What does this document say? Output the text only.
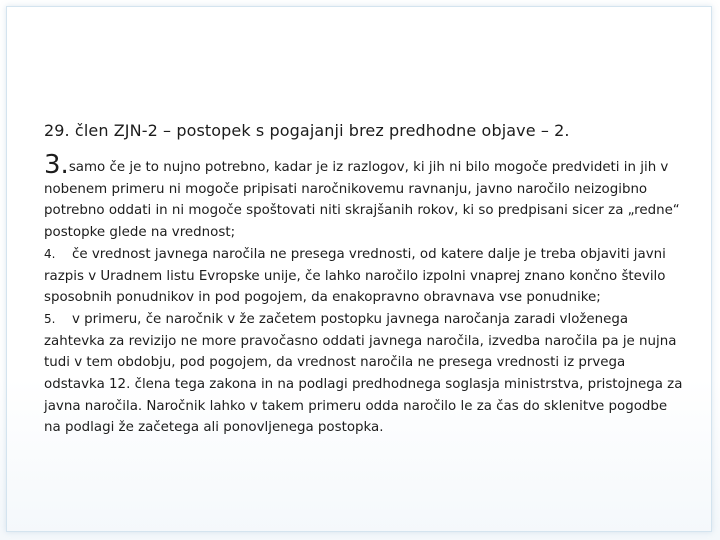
29. člen ZJN-2 – postopek s pogajanji brez predhodne objave – 2.

3.samo če je to nujno potrebno, kadar je iz razlogov, ki jih ni bilo mogoče predvideti in jih v nobenem primeru ni mogoče pripisati naročnikovemu ravnanju, javno naročilo neizogibno potrebno oddati in ni mogoče spoštovati niti skrajšanih rokov, ki so predpisani sicer za „redne“ postopke glede na vrednost;

4. če vrednost javnega naročila ne presega vrednosti, od katere dalje je treba objaviti javni razpis v Uradnem listu Evropske unije, če lahko naročilo izpolni vnaprej znano končno število sposobnih ponudnikov in pod pogojem, da enakopravno obravnava vse ponudnike;

5. v primeru, če naročnik v že začetem postopku javnega naročanja zaradi vloženega zahtevka za revizijo ne more pravočasno oddati javnega naročila, izvedba naročila pa je nujna tudi v tem obdobju, pod pogojem, da vrednost naročila ne presega vrednosti iz prvega odstavka 12. člena tega zakona in na podlagi predhodnega soglasja ministrstva, pristojnega za javna naročila. Naročnik lahko v takem primeru odda naročilo le za čas do sklenitve pogodbe na podlagi že začetega ali ponovljenega postopka.
